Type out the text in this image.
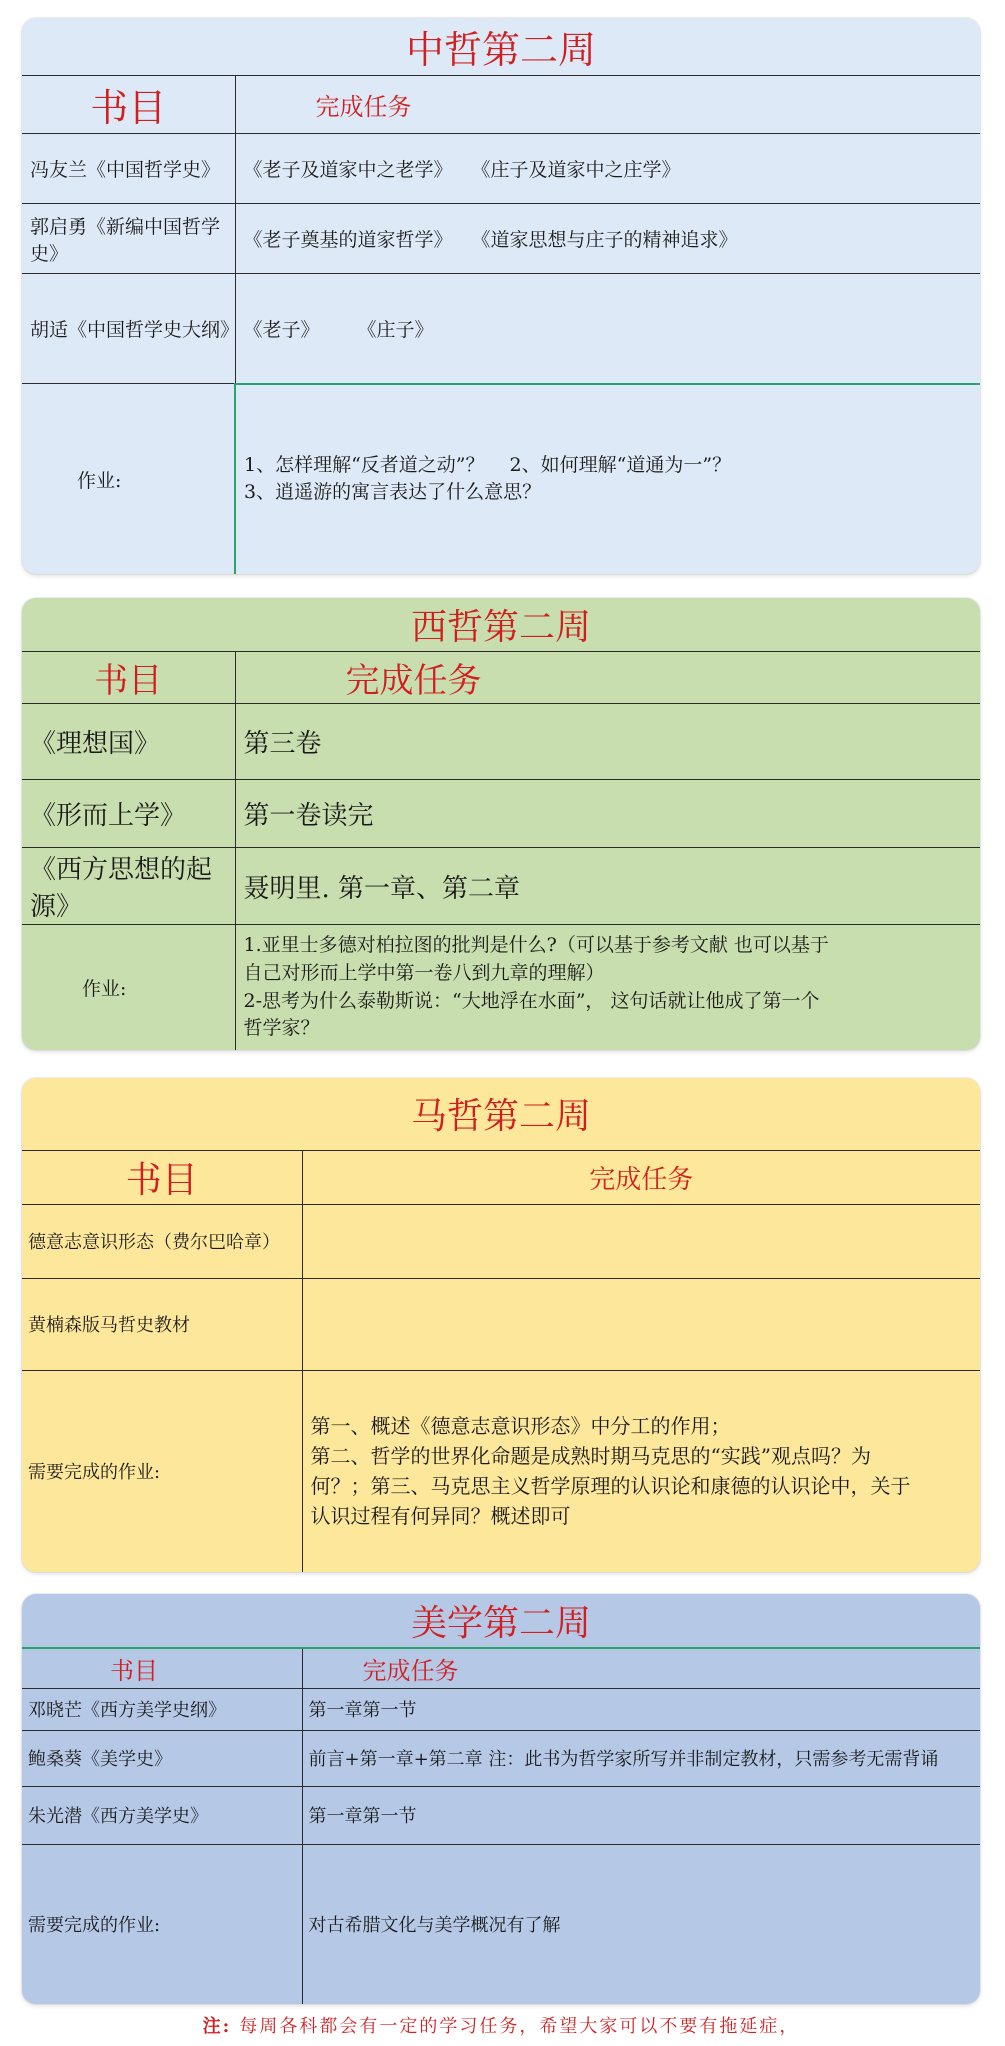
中哲第二周	
书目	完成任务
冯友兰《中国哲学史》	《老子及道家中之老学》　　《庄子及道家中之庄学》
郭启勇《新编中国哲学史》	《老子奠基的道家哲学》　　《道家思想与庄子的精神追求》
胡适《中国哲学史大纲》	《老子》　　　《庄子》
作业:	1、怎样理解“反者道之动”？　 2、如何理解“道通为一”？
3、逍遥游的寓言表达了什么意思？
西哲第二周	
书目	完成任务
《理想国》	第三卷
《形而上学》	第一卷读完
《西方思想的起源》	聂明里. 第一章、第二章
作业:	1.亚里士多德对柏拉图的批判是什么?（可以基于参考文献 也可以基于
自己对形而上学中第一卷八到九章的理解）
2-思考为什么泰勒斯说：“大地浮在水面”， 这句话就让他成了第一个
哲学家？
马哲第二周	
书目	完成任务
德意志意识形态（费尔巴哈章）	
黄楠森版马哲史教材	
需要完成的作业:	第一、概述《德意志意识形态》中分工的作用；
第二、哲学的世界化命题是成熟时期马克思的“实践”观点吗？为
何？；第三、马克思主义哲学原理的认识论和康德的认识论中，关于
认识过程有何异同？概述即可
美学第二周	
书目	完成任务
邓晓芒《西方美学史纲》	第一章第一节
鲍桑葵《美学史》	前言+第一章+第二章 注：此书为哲学家所写并非制定教材，只需参考无需背诵
朱光潜《西方美学史》	第一章第一节
需要完成的作业:	对古希腊文化与美学概况有了解
注: 每周各科都会有一定的学习任务，希望大家可以不要有拖延症，
